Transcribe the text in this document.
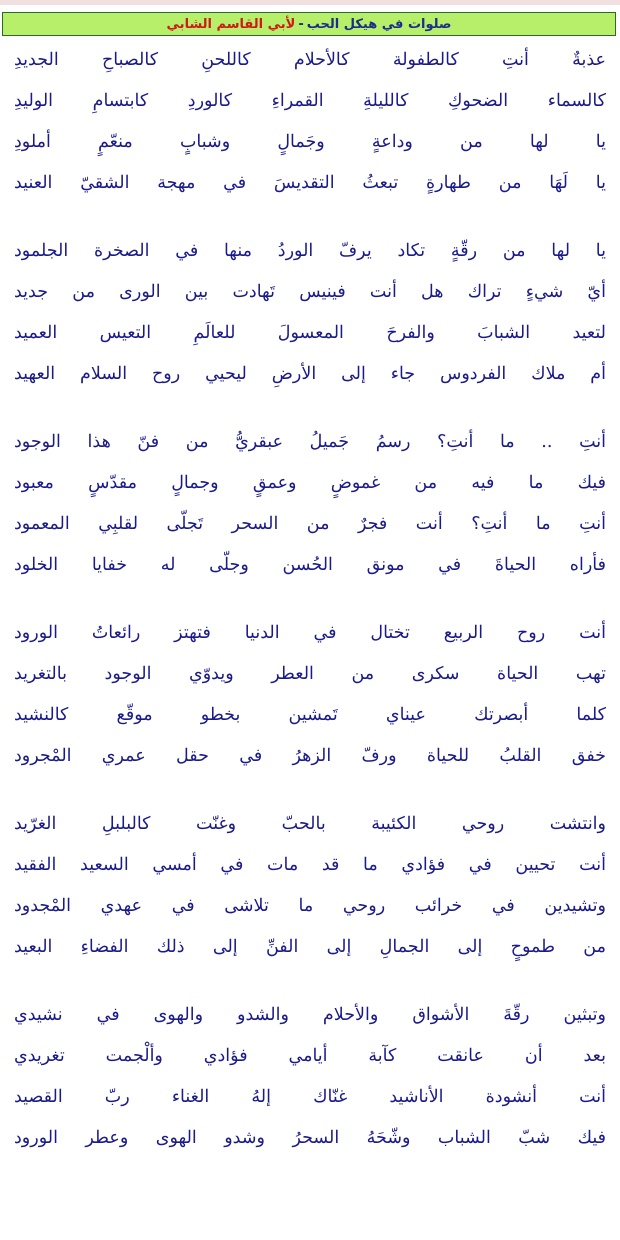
صلوات في هيكل الحب
-
لأبي القاسم الشابي
عذبةٌ أنتِ كالطفولة كالأحلام كاللحنِ كالصباحِ الجديدِ
كالسماء الضحوكِ كالليلةِ القمراءِ كالوردِ كابتسامِ الوليدِ
يا لها من وداعةٍ وجَمالٍ وشبابٍ منعّمٍ أملودِ
يا لَهَا من طهارةٍ تبعثُ التقديسَ في مهجة الشقيّ العنيد
يا لها من رقّةٍ تكاد يرفّ الوردُ منها في الصخرة الجلمود
أيّ شيءٍ تراك هل أنت فينيس تَهادت بين الورى من جديد
لتعيد الشبابَ والفرحَ المعسولَ للعالَمِ التعيس العميد
أم ملاك الفردوس جاء إلى الأرضِ ليحيي روح السلام العهيد
أنتِ .. ما أنتِ؟ رسمُ جَميلُ عبقريُّ من فنّ هذا الوجود
فيك ما فيه من غموضٍ وعمقٍ وجمالٍ مقدّسٍ معبود
أنتِ ما أنتِ؟ أنت فجرٌ من السحر تَجلّى لقلبِي المعمود
فأراه الحياةَ في مونق الحُسن وجلّى له خفايا الخلود
أنت روح الربيع تختال في الدنيا فتهتز رائعاتُ الورود
تهب الحياة سكرى من العطر ويدوّي الوجود بالتغريد
كلما أبصرتك عيناي تَمشين بخطو موقّع كالنشيد
خفق القلبُ للحياة ورفّ الزهرُ في حقل عمري المْجرود
وانتشت روحي الكئيبة بالحبّ وغنّت كالبلبلِ الغرّيد
أنت تحيين في فؤادي ما قد مات في أمسي السعيد الفقيد
وتشيدين في خرائب روحي ما تلاشى في عهدي المْجدود
من طموحٍ إلى الجمالِ إلى الفنِّ إلى ذلك الفضاءِ البعيد
وتبثين رقّةَ الأشواق والأحلام والشدو والهوى في نشيدي
بعد أن عانقت كآبة أيامي فؤادي وألْجمت تغريدي
أنت أنشودة الأناشيد غنّاك إلهُ الغناء ربّ القصيد
فيك شبّ الشباب وشّحَهُ السحرُ وشدو الهوى وعطر الورود
